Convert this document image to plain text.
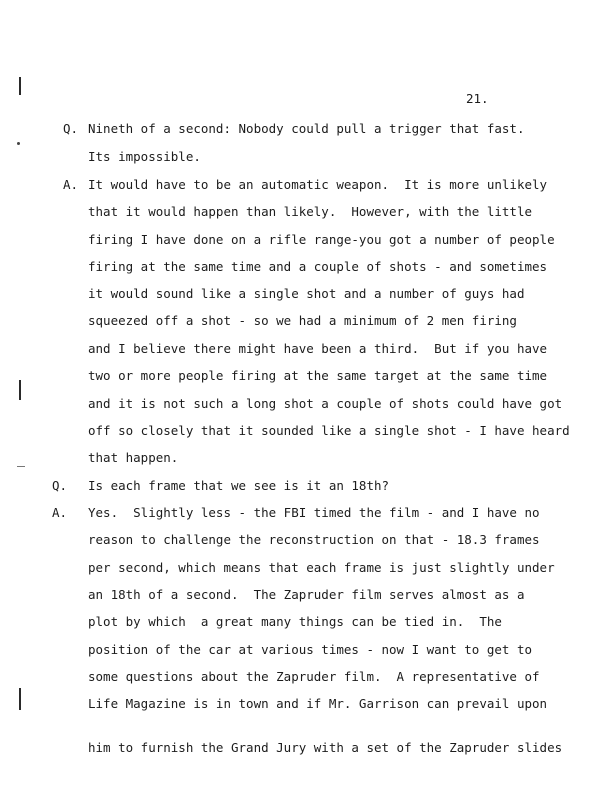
21.
Q. Nineth of a second: Nobody could pull a trigger that fast.
Its impossible.
A. It would have to be an automatic weapon.  It is more unlikely
that it would happen than likely.  However, with the little
firing I have done on a rifle range-you got a number of people
firing at the same time and a couple of shots - and sometimes
it would sound like a single shot and a number of guys had
squeezed off a shot - so we had a minimum of 2 men firing
and I believe there might have been a third.  But if you have
two or more people firing at the same target at the same time
and it is not such a long shot a couple of shots could have got
off so closely that it sounded like a single shot - I have heard
that happen.
Q. Is each frame that we see is it an 18th?
A. Yes.  Slightly less - the FBI timed the film - and I have no
reason to challenge the reconstruction on that - 18.3 frames
per second, which means that each frame is just slightly under
an 18th of a second.  The Zapruder film serves almost as a
plot by which  a great many things can be tied in.  The
position of the car at various times - now I want to get to
some questions about the Zapruder film.  A representative of
Life Magazine is in town and if Mr. Garrison can prevail upon
him to furnish the Grand Jury with a set of the Zapruder slides
